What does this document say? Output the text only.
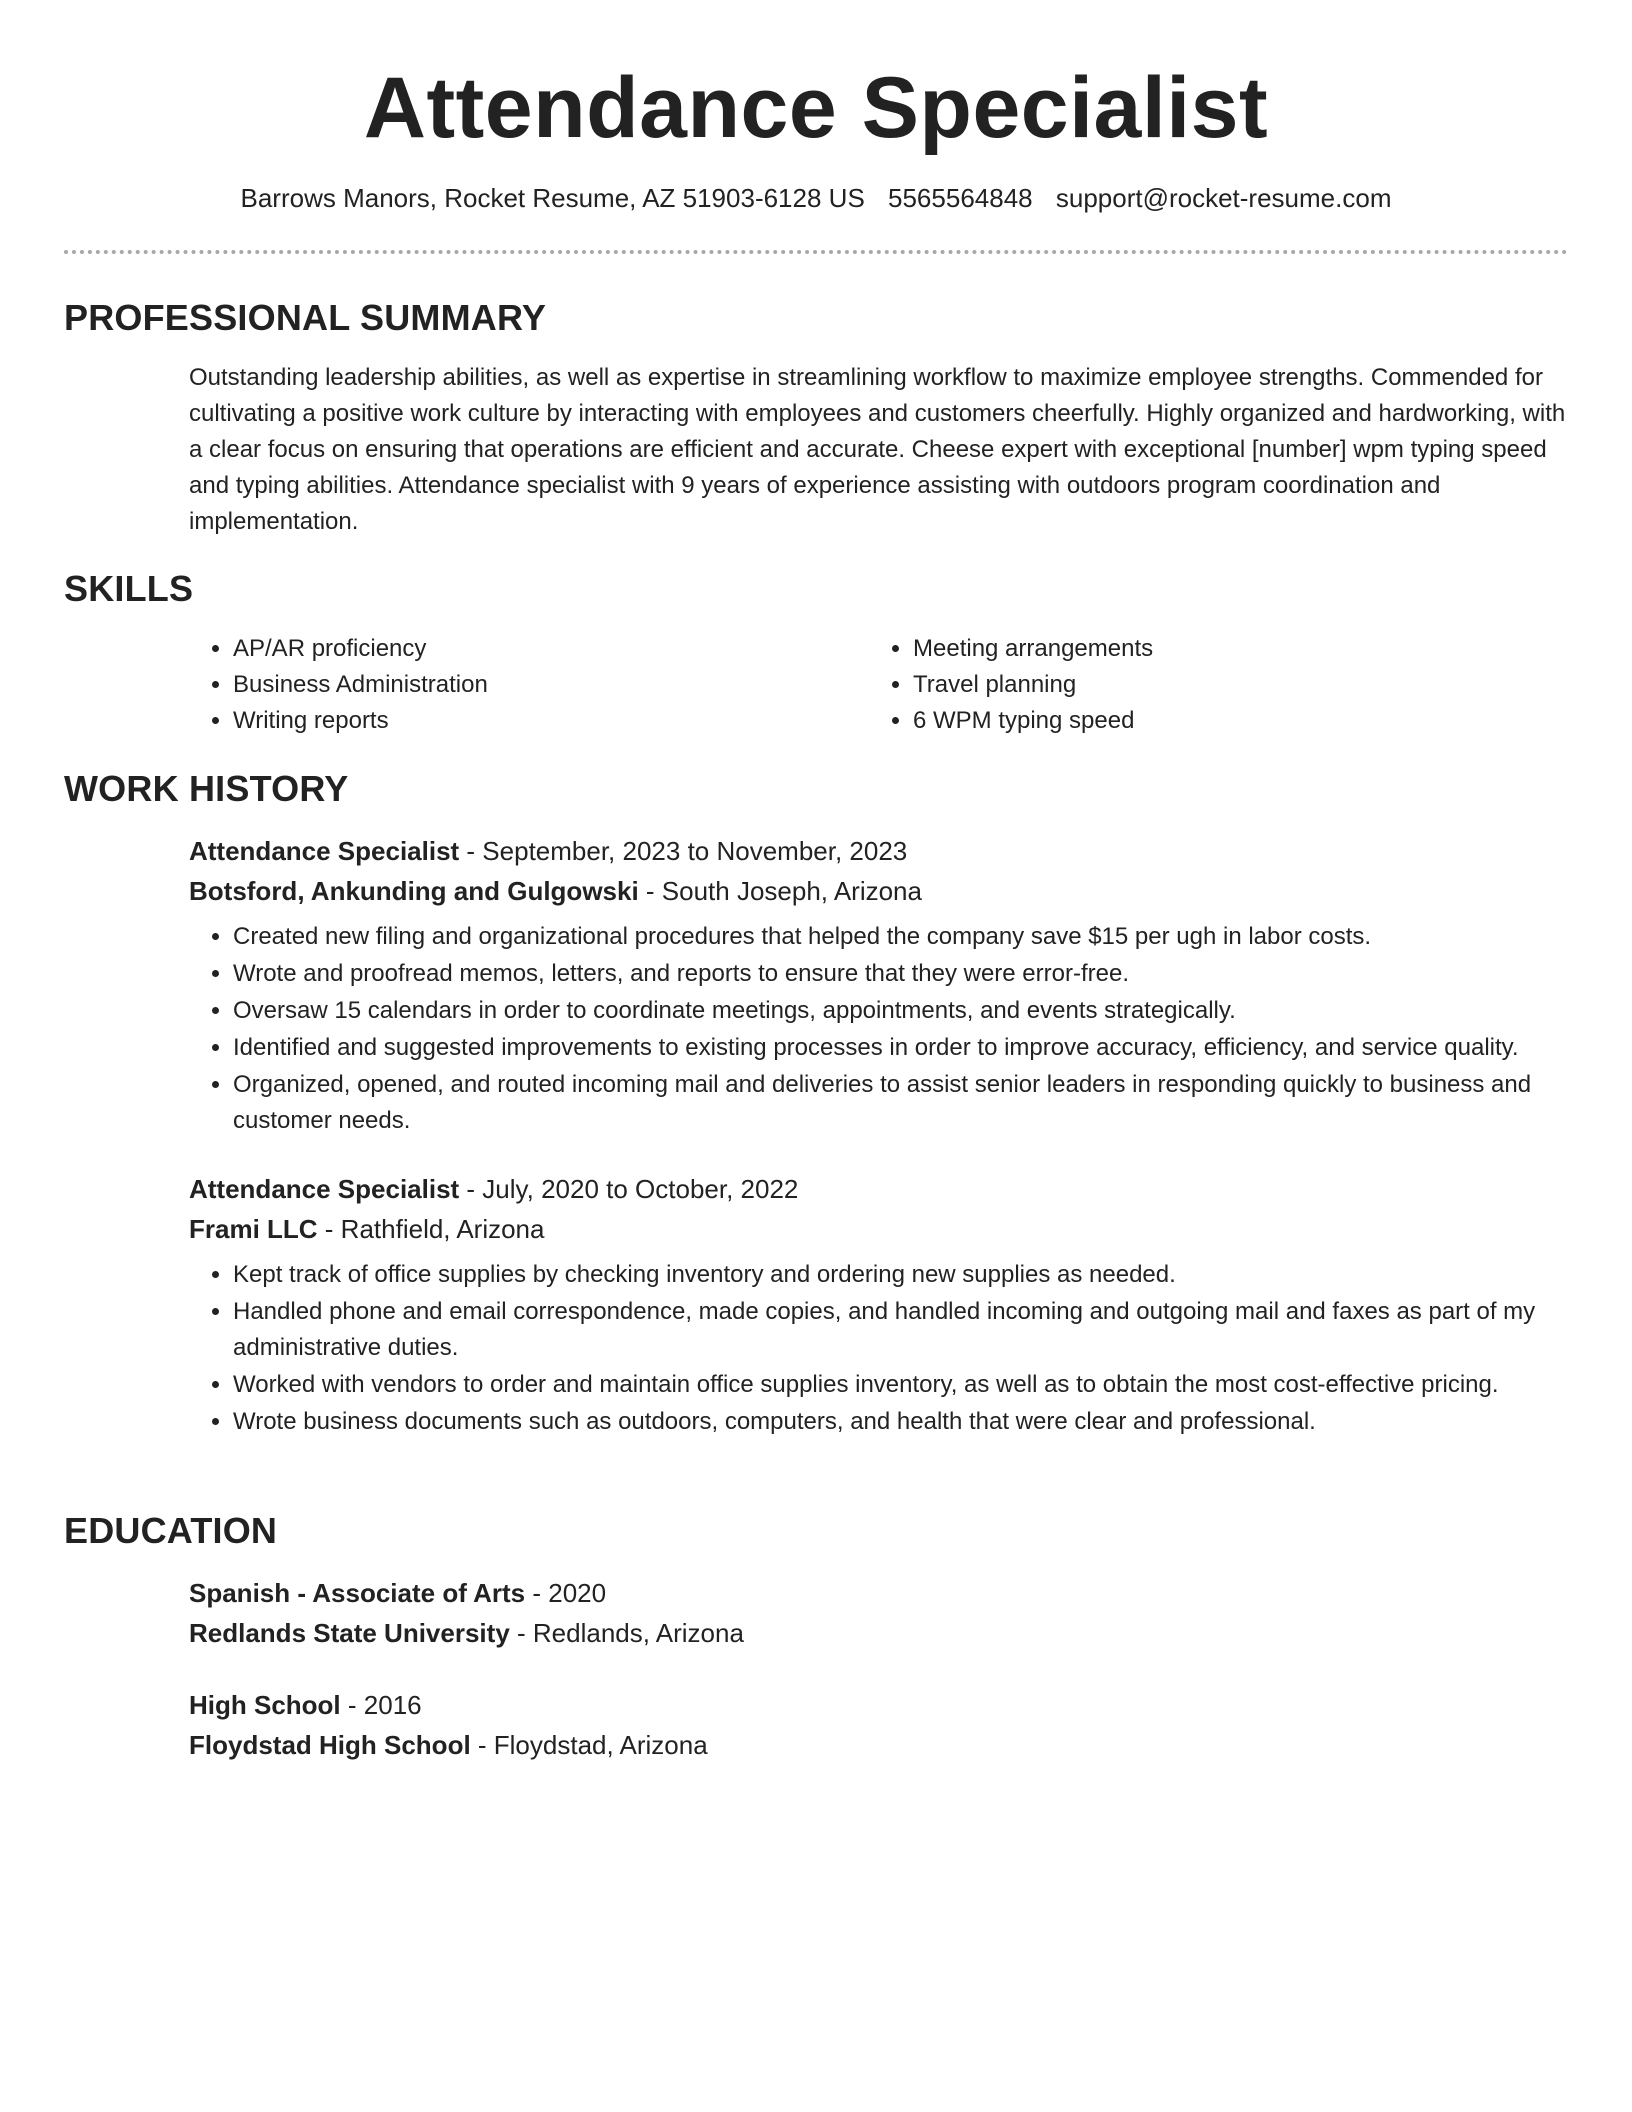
Attendance Specialist
Barrows Manors, Rocket Resume, AZ 51903-6128 US 5565564848 support@rocket-resume.com
PROFESSIONAL SUMMARY
Outstanding leadership abilities, as well as expertise in streamlining workflow to maximize employee strengths. Commended for cultivating a positive work culture by interacting with employees and customers cheerfully. Highly organized and hardworking, with a clear focus on ensuring that operations are efficient and accurate. Cheese expert with exceptional [number] wpm typing speed and typing abilities. Attendance specialist with 9 years of experience assisting with outdoors program coordination and implementation.
SKILLS
• AP/AR proficiency
• Business Administration
• Writing reports
• Meeting arrangements
• Travel planning
• 6 WPM typing speed
WORK HISTORY
Attendance Specialist - September, 2023 to November, 2023
Botsford, Ankunding and Gulgowski - South Joseph, Arizona
• Created new filing and organizational procedures that helped the company save $15 per ugh in labor costs.
• Wrote and proofread memos, letters, and reports to ensure that they were error-free.
• Oversaw 15 calendars in order to coordinate meetings, appointments, and events strategically.
• Identified and suggested improvements to existing processes in order to improve accuracy, efficiency, and service quality.
• Organized, opened, and routed incoming mail and deliveries to assist senior leaders in responding quickly to business and customer needs.
Attendance Specialist - July, 2020 to October, 2022
Frami LLC - Rathfield, Arizona
• Kept track of office supplies by checking inventory and ordering new supplies as needed.
• Handled phone and email correspondence, made copies, and handled incoming and outgoing mail and faxes as part of my administrative duties.
• Worked with vendors to order and maintain office supplies inventory, as well as to obtain the most cost-effective pricing.
• Wrote business documents such as outdoors, computers, and health that were clear and professional.
EDUCATION
Spanish - Associate of Arts - 2020
Redlands State University - Redlands, Arizona
High School - 2016
Floydstad High School - Floydstad, Arizona
